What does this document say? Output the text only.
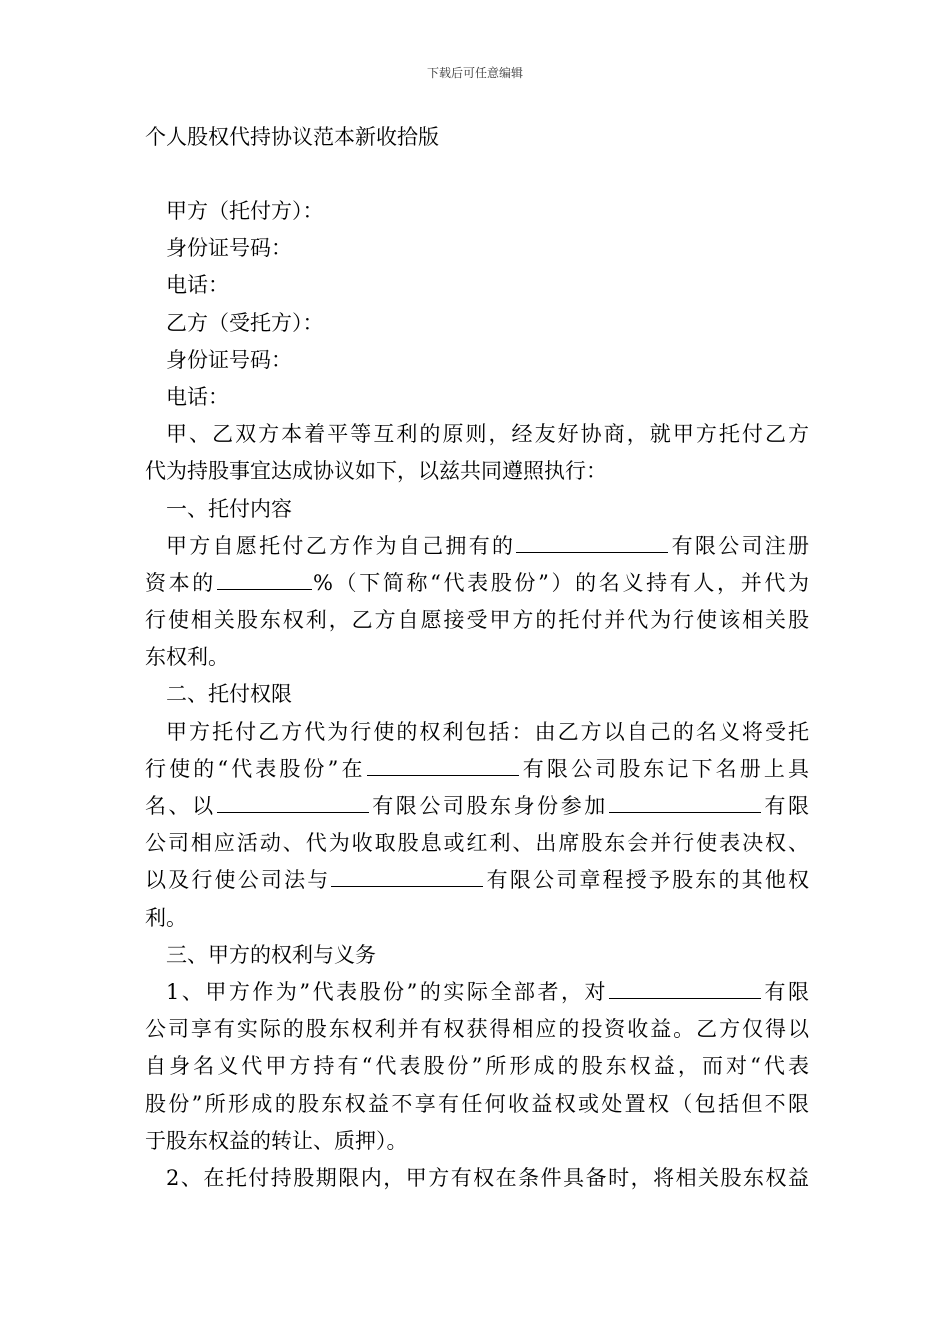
下载后可任意编辑
个人股权代持协议范本新收拾版
甲方（托付方）：
身份证号码：
电话：
乙方（受托方）：
身份证号码：
电话：
甲、乙双方本着平等互利的原则，经友好协商，就甲方托付乙方
代为持股事宜达成协议如下，以兹共同遵照执行：
一、托付内容
甲方自愿托付乙方作为自己拥有的	有限公司注册
资本的	%（下简称“代表股份”）的名义持有人，并代为
行使相关股东权利，乙方自愿接受甲方的托付并代为行使该相关股
东权利。
二、托付权限
甲方托付乙方代为行使的权利包括：由乙方以自己的名义将受托
行使的“代表股份”在	有限公司股东记下名册上具
名、以	有限公司股东身份参加	有限
公司相应活动、代为收取股息或红利、出席股东会并行使表决权、
以及行使公司法与	有限公司章程授予股东的其他权
利。
三、甲方的权利与义务
1、甲方作为”代表股份”的实际全部者，对	有限
公司享有实际的股东权利并有权获得相应的投资收益。乙方仅得以
自身名义代甲方持有“代表股份”所形成的股东权益，而对“代表
股份”所形成的股东权益不享有任何收益权或处置权（包括但不限
于股东权益的转让、质押）。
2、在托付持股期限内，甲方有权在条件具备时，将相关股东权益
